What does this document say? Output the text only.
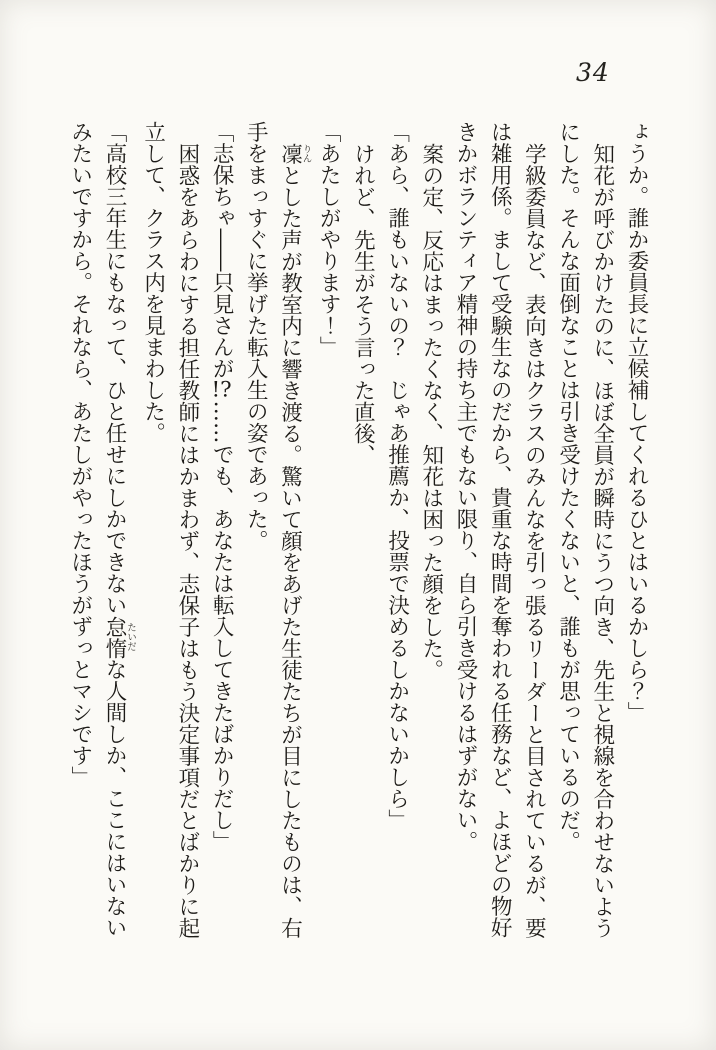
34

ょうか。誰か委員長に立候補してくれるひとはいるかしら？」

知花が呼びかけたのに、ほぼ全員が瞬時にうつ向き、先生と視線を合わせないよう

にした。そんな面倒なことは引き受けたくないと、誰もが思っているのだ。

学級委員など、表向きはクラスのみんなを引っ張るリーダーと目されているが、要

は雑用係。まして受験生なのだから、貴重な時間を奪われる任務など、よほどの物好

きかボランティア精神の持ち主でもない限り、自ら引き受けるはずがない。

案の定、反応はまったくなく、知花は困った顔をした。

「あら、誰もいないの？　じゃあ推薦か、投票で決めるしかないかしら」

けれど、先生がそう言った直後、

「あたしがやります！」

凜りんとした声が教室内に響き渡る。驚いて顔をあげた生徒たちが目にしたものは、右

手をまっすぐに挙げた転入生の姿であった。

「志保ちゃ――只見さんが!?……でも、あなたは転入してきたばかりだし」

困惑をあらわにする担任教師にはかまわず、志保子はもう決定事項だとばかりに起

立して、クラス内を見まわした。

「高校三年生にもなって、ひと任せにしかできない怠惰たいだな人間しか、ここにはいない

みたいですから。それなら、あたしがやったほうがずっとマシです」
